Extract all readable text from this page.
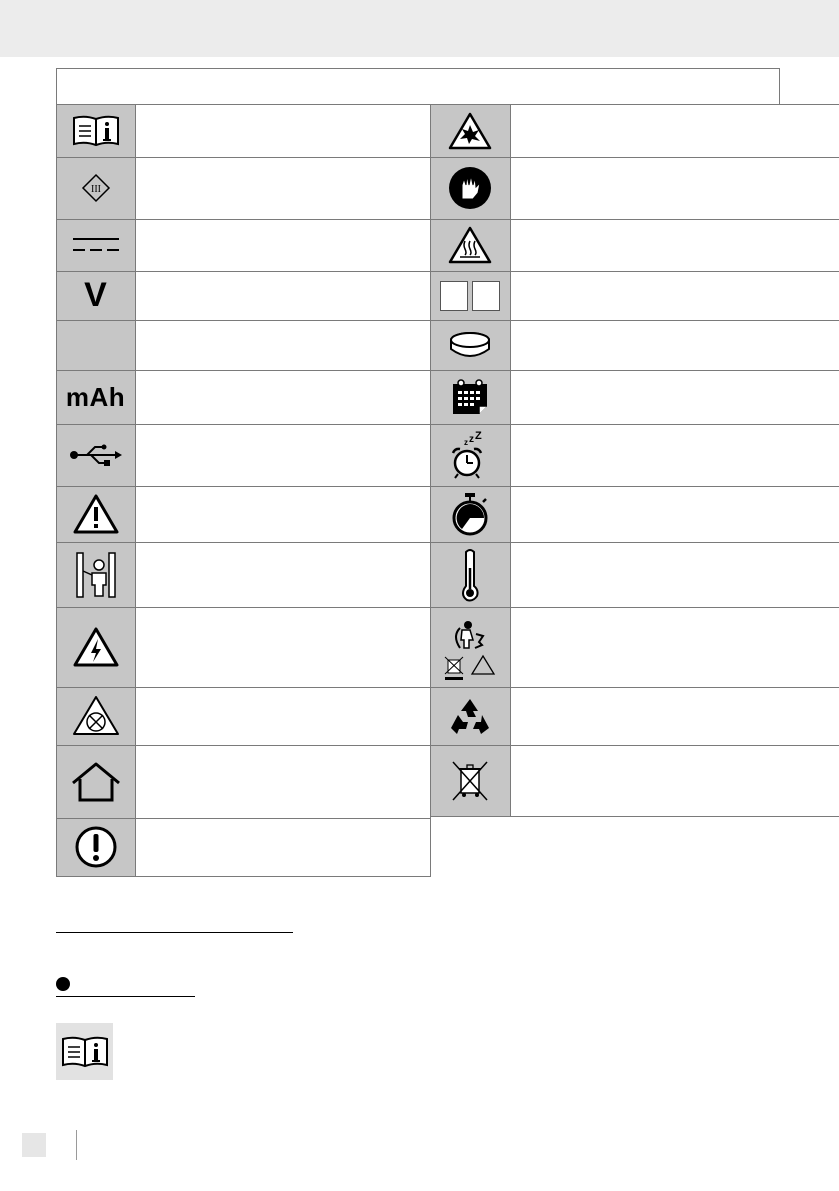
III
V
mAh
z Z
z
